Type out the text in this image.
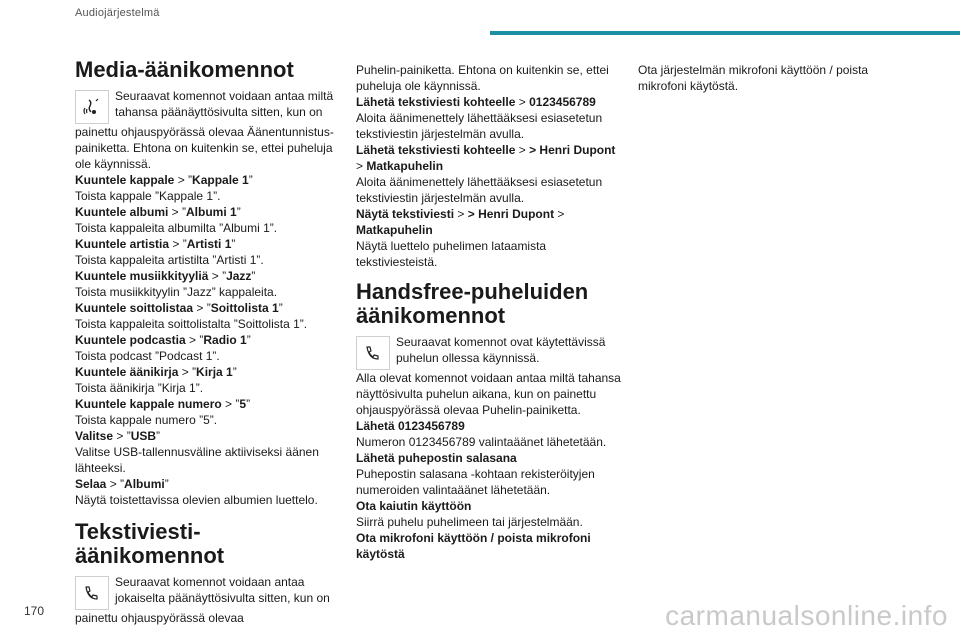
Audiojärjestelmä
Media-äänikomennot

Seuraavat komennot voidaan antaa miltä tahansa päänäyttösivulta sitten, kun on

painettu ohjauspyörässä olevaa Äänentunnistus-painiketta. Ehtona on kuitenkin se, ettei puheluja ole käynnissä.

Kuuntele kappale > ”Kappale 1”

Toista kappale ”Kappale 1”.

Kuuntele albumi > ”Albumi 1”

Toista kappaleita albumilta ”Albumi 1”.

Kuuntele artistia > ”Artisti 1”

Toista kappaleita artistilta ”Artisti 1”.

Kuuntele musiikkityyliä > ”Jazz”

Toista musiikkityylin ”Jazz” kappaleita.

Kuuntele soittolistaa > ”Soittolista 1”

Toista kappaleita soittolistalta ”Soittolista 1”.

Kuuntele podcastia > ”Radio 1”

Toista podcast ”Podcast 1”.

Kuuntele äänikirja > ”Kirja 1”

Toista äänikirja ”Kirja 1”.

Kuuntele kappale numero > ”5”

Toista kappale numero ”5”.

Valitse > ”USB”

Valitse USB-tallennusväline aktiiviseksi äänen lähteeksi.

Selaa > ”Albumi”

Näytä toistettavissa olevien albumien luettelo.

Tekstiviesti-äänikomennot

Seuraavat komennot voidaan antaa jokaiselta päänäyttösivulta sitten, kun on

painettu ohjauspyörässä olevaa

Puhelin-painiketta. Ehtona on kuitenkin se, ettei puheluja ole käynnissä.

Lähetä tekstiviesti kohteelle > 0123456789

Aloita äänimenettely lähettääksesi esiasetetun tekstiviestin järjestelmän avulla.

Lähetä tekstiviesti kohteelle > > Henri Dupont
> Matkapuhelin

Aloita äänimenettely lähettääksesi esiasetetun tekstiviestin järjestelmän avulla.

Näytä tekstiviesti > > Henri Dupont >
Matkapuhelin

Näytä luettelo puhelimen lataamista tekstiviesteistä.

Handsfree-puheluiden äänikomennot

Seuraavat komennot ovat käytettävissä puhelun ollessa käynnissä.

Alla olevat komennot voidaan antaa miltä tahansa näyttösivulta puhelun aikana, kun on painettu ohjauspyörässä olevaa Puhelin-painiketta.

Lähetä 0123456789

Numeron 0123456789 valintaäänet lähetetään.

Lähetä puhepostin salasana

Puhepostin salasana -kohtaan rekisteröityjen numeroiden valintaäänet lähetetään.

Ota kaiutin käyttöön

Siirrä puhelu puhelimeen tai järjestelmään.

Ota mikrofoni käyttöön / poista mikrofoni käytöstä

Ota järjestelmän mikrofoni käyttöön / poista mikrofoni käytöstä.

170	carmanualsonline.info
